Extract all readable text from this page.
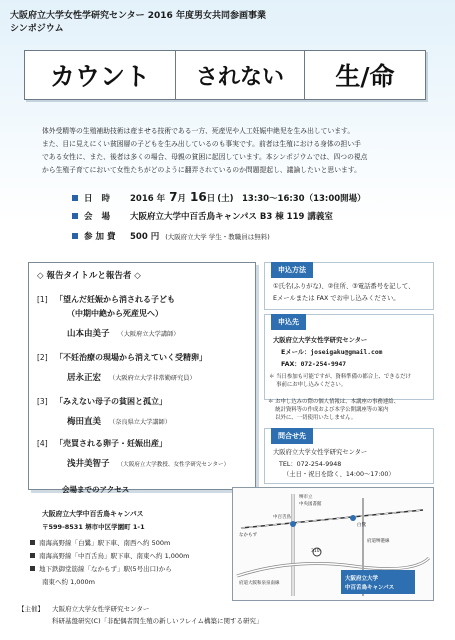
大阪府立大学女性学研究センター 2016 年度男女共同参画事業
シンポジウム
カウント	されない	生/命
体外受精等の生殖補助技術は産ませる技術である一方、死産児や人工妊娠中絶児を生み出しています。
また、目に見えにくい貧困層の子どもを生み出しているのも事実です。前者は生殖における身体の担い手
である女性に、また、後者は多くの場合、母親の貧困に起因しています。本シンポジウムでは、四つの視点
から生殖子育てにおいて女性たちがどのように翻弄されているのか問題提起し、議論したいと思います。
日 時	2016 年 7 月 16 日 (土)　13:30～16:30（13:00開場）
会 場	大阪府立大学中百舌鳥キャンパス B3 棟 119 講義室
参加費	500 円 (大阪府立大学 学生・教職員は無料)
◇ 報告タイトルと報告者 ◇
[1] 「望んだ妊娠から消される子ども
（中期中絶から死産児へ）
山本由美子 （大阪府立大学講師）
[2] 「不妊治療の現場から消えていく受精卵」
居永正宏 （大阪府立大学非常勤研究員）
[3] 「みえない母子の貧困と孤立」
梅田直美 （奈良県立大学講師）
[4] 「売買される卵子・妊娠出産」
浅井美智子 （大阪府立大学教授、女性学研究センター）
申込方法
①氏名(ふりがな)、②住所、③電話番号を記して、
Eメールまたは FAX でお申し込みください。
申込先
大阪府立大学女性学研究センター
Eメール：joseigaku@gmail.com
FAX：072-254-9947
＊ 当日参加も可能ですが、資料準備の都合上、できるだけ
　 事前にお申し込みください。
＊ お申し込みの際の個人情報は、本講座の事務連絡、
　 統計資料等の作成および本学公開講座等の案内
　 以外に、一切使用いたしません。
問合せ先
大阪府立大学女性学研究センター
TEL：072-254-9948
（土日・祝日を除く、14:00～17:00）
会場までのアクセス
大阪府立大学中百舌鳥キャンパス
〒599-8531 堺市中区学園町 1-1
南海高野線「白鷺」駅下車、南西へ約 500m
南海高野線「中百舌鳥」駅下車、南東へ約 1,000m
地下鉄御堂筋線「なかもず」駅(5号出口)から
南東へ約 1,000m	大阪府立大学
中百舌鳥キャンパス
堺市立
中央図書館
なかもず
中百舌鳥
白鷺
府道堺港線
府道大阪和泉泉南線
310
【主催】 大阪府立大学女性学研究センター
科研基盤研究(C)「非配偶者間生殖の新しいフレイム構築に関する研究」
